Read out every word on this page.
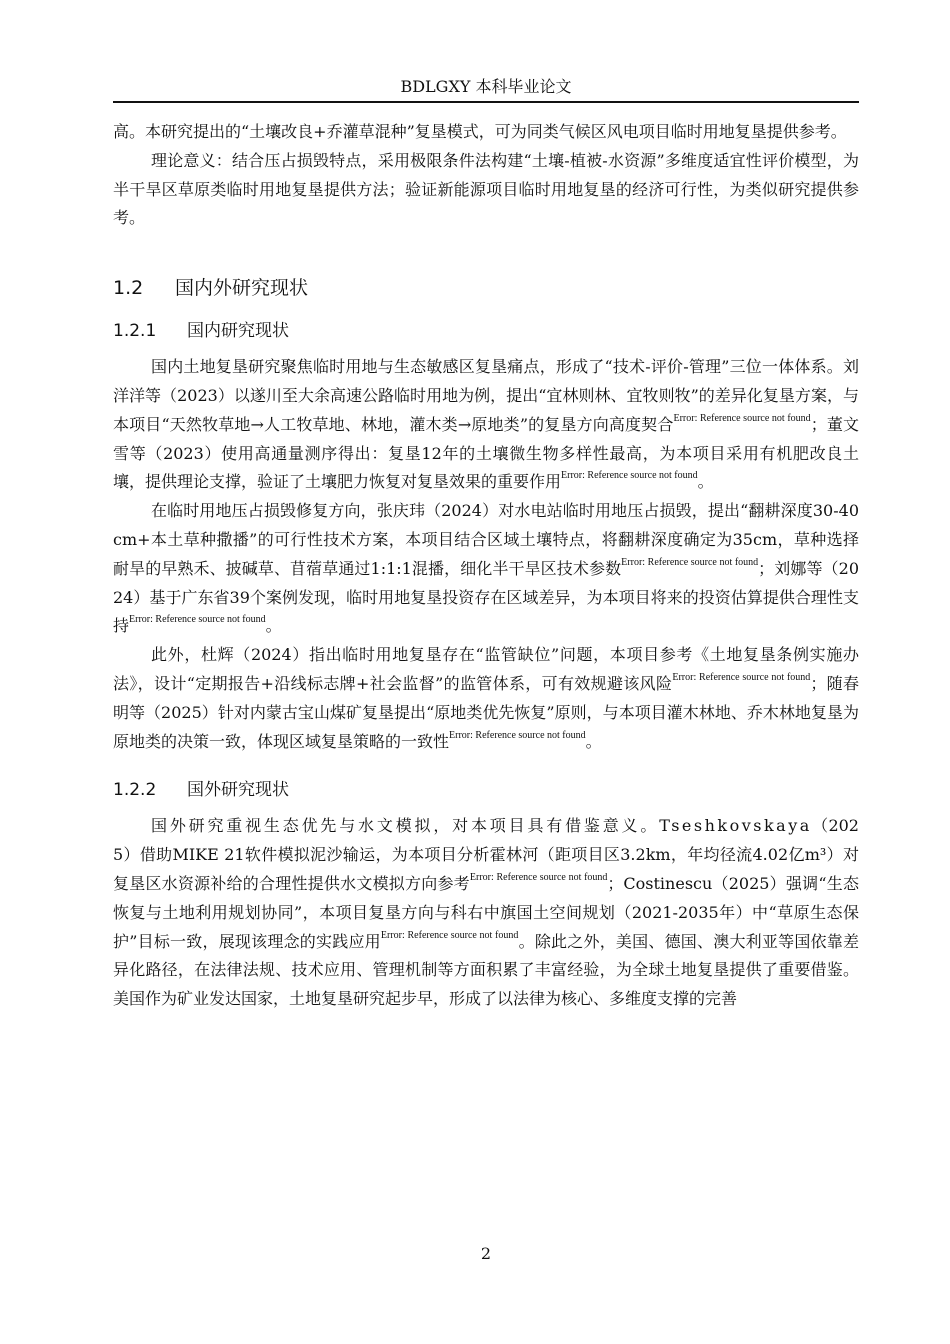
BDLGXY 本科毕业论文

高。本研究提出的“土壤改良+乔灌草混种”复垦模式，可为同类气候区风电项目临时用地复垦提供参考。

理论意义：结合压占损毁特点，采用极限条件法构建“土壤-植被-水资源”多维度适宜性评价模型，为半干旱区草原类临时用地复垦提供方法；验证新能源项目临时用地复垦的经济可行性，为类似研究提供参考。

1.2 国内外研究现状
1.2.1 国内研究现状

国内土地复垦研究聚焦临时用地与生态敏感区复垦痛点，形成了“技术-评价-管理”三位一体体系。刘洋洋等（2023）以遂川至大余高速公路临时用地为例，提出“宜林则林、宜牧则牧”的差异化复垦方案，与本项目“天然牧草地→人工牧草地、林地，灌木类→原地类”的复垦方向高度契合$^{Error: Reference source not found}$；董文雪等（2023）使用高通量测序得出：复垦12年的土壤微生物多样性最高，为本项目采用有机肥改良土壤，提供理论支撑，验证了土壤肥力恢复对复垦效果的重要作用$^{Error: Reference source not found}$。

在临时用地压占损毁修复方向，张庆玮（2024）对水电站临时用地压占损毁，提出“翻耕深度30-40cm+本土草种撒播”的可行性技术方案，本项目结合区域土壤特点，将翻耕深度确定为35cm，草种选择耐旱的早熟禾、披碱草、苜蓿草通过1:1:1混播，细化半干旱区技术参数$^{Error: Reference source not found}$；刘娜等（2024）基于广东省39个案例发现，临时用地复垦投资存在区域差异，为本项目将来的投资估算提供合理性支持$^{Error: Reference source not found}$。

此外，杜辉（2024）指出临时用地复垦存在“监管缺位”问题，本项目参考《土地复垦条例实施办法》，设计“定期报告+沿线标志牌+社会监督”的监管体系，可有效规避该风险$^{Error: Reference source not found}$；随春明等（2025）针对内蒙古宝山煤矿复垦提出“原地类优先恢复”原则，与本项目灌木林地、乔木林地复垦为原地类的决策一致，体现区域复垦策略的一致性$^{Error: Reference source not found}$。

1.2.2 国外研究现状

国外研究重视生态优先与水文模拟，对本项目具有借鉴意义。Tseshkovskaya（2025）借助MIKE 21软件模拟泥沙输运，为本项目分析霍林河（距项目区3.2km，年均径流4.02亿m³）对复垦区水资源补给的合理性提供水文模拟方向参考$^{Error: Reference source not found}$；Costinescu（2025）强调“生态恢复与土地利用规划协同”，本项目复垦方向与科右中旗国土空间规划（2021-2035年）中“草原生态保护”目标一致，展现该理念的实践应用$^{Error: Reference source not found}$。除此之外，美国、德国、澳大利亚等国依靠差异化路径，在法律法规、技术应用、管理机制等方面积累了丰富经验，为全球土地复垦提供了重要借鉴。美国作为矿业发达国家，土地复垦研究起步早，形成了以法律为核心、多维度支撑的完善

2
